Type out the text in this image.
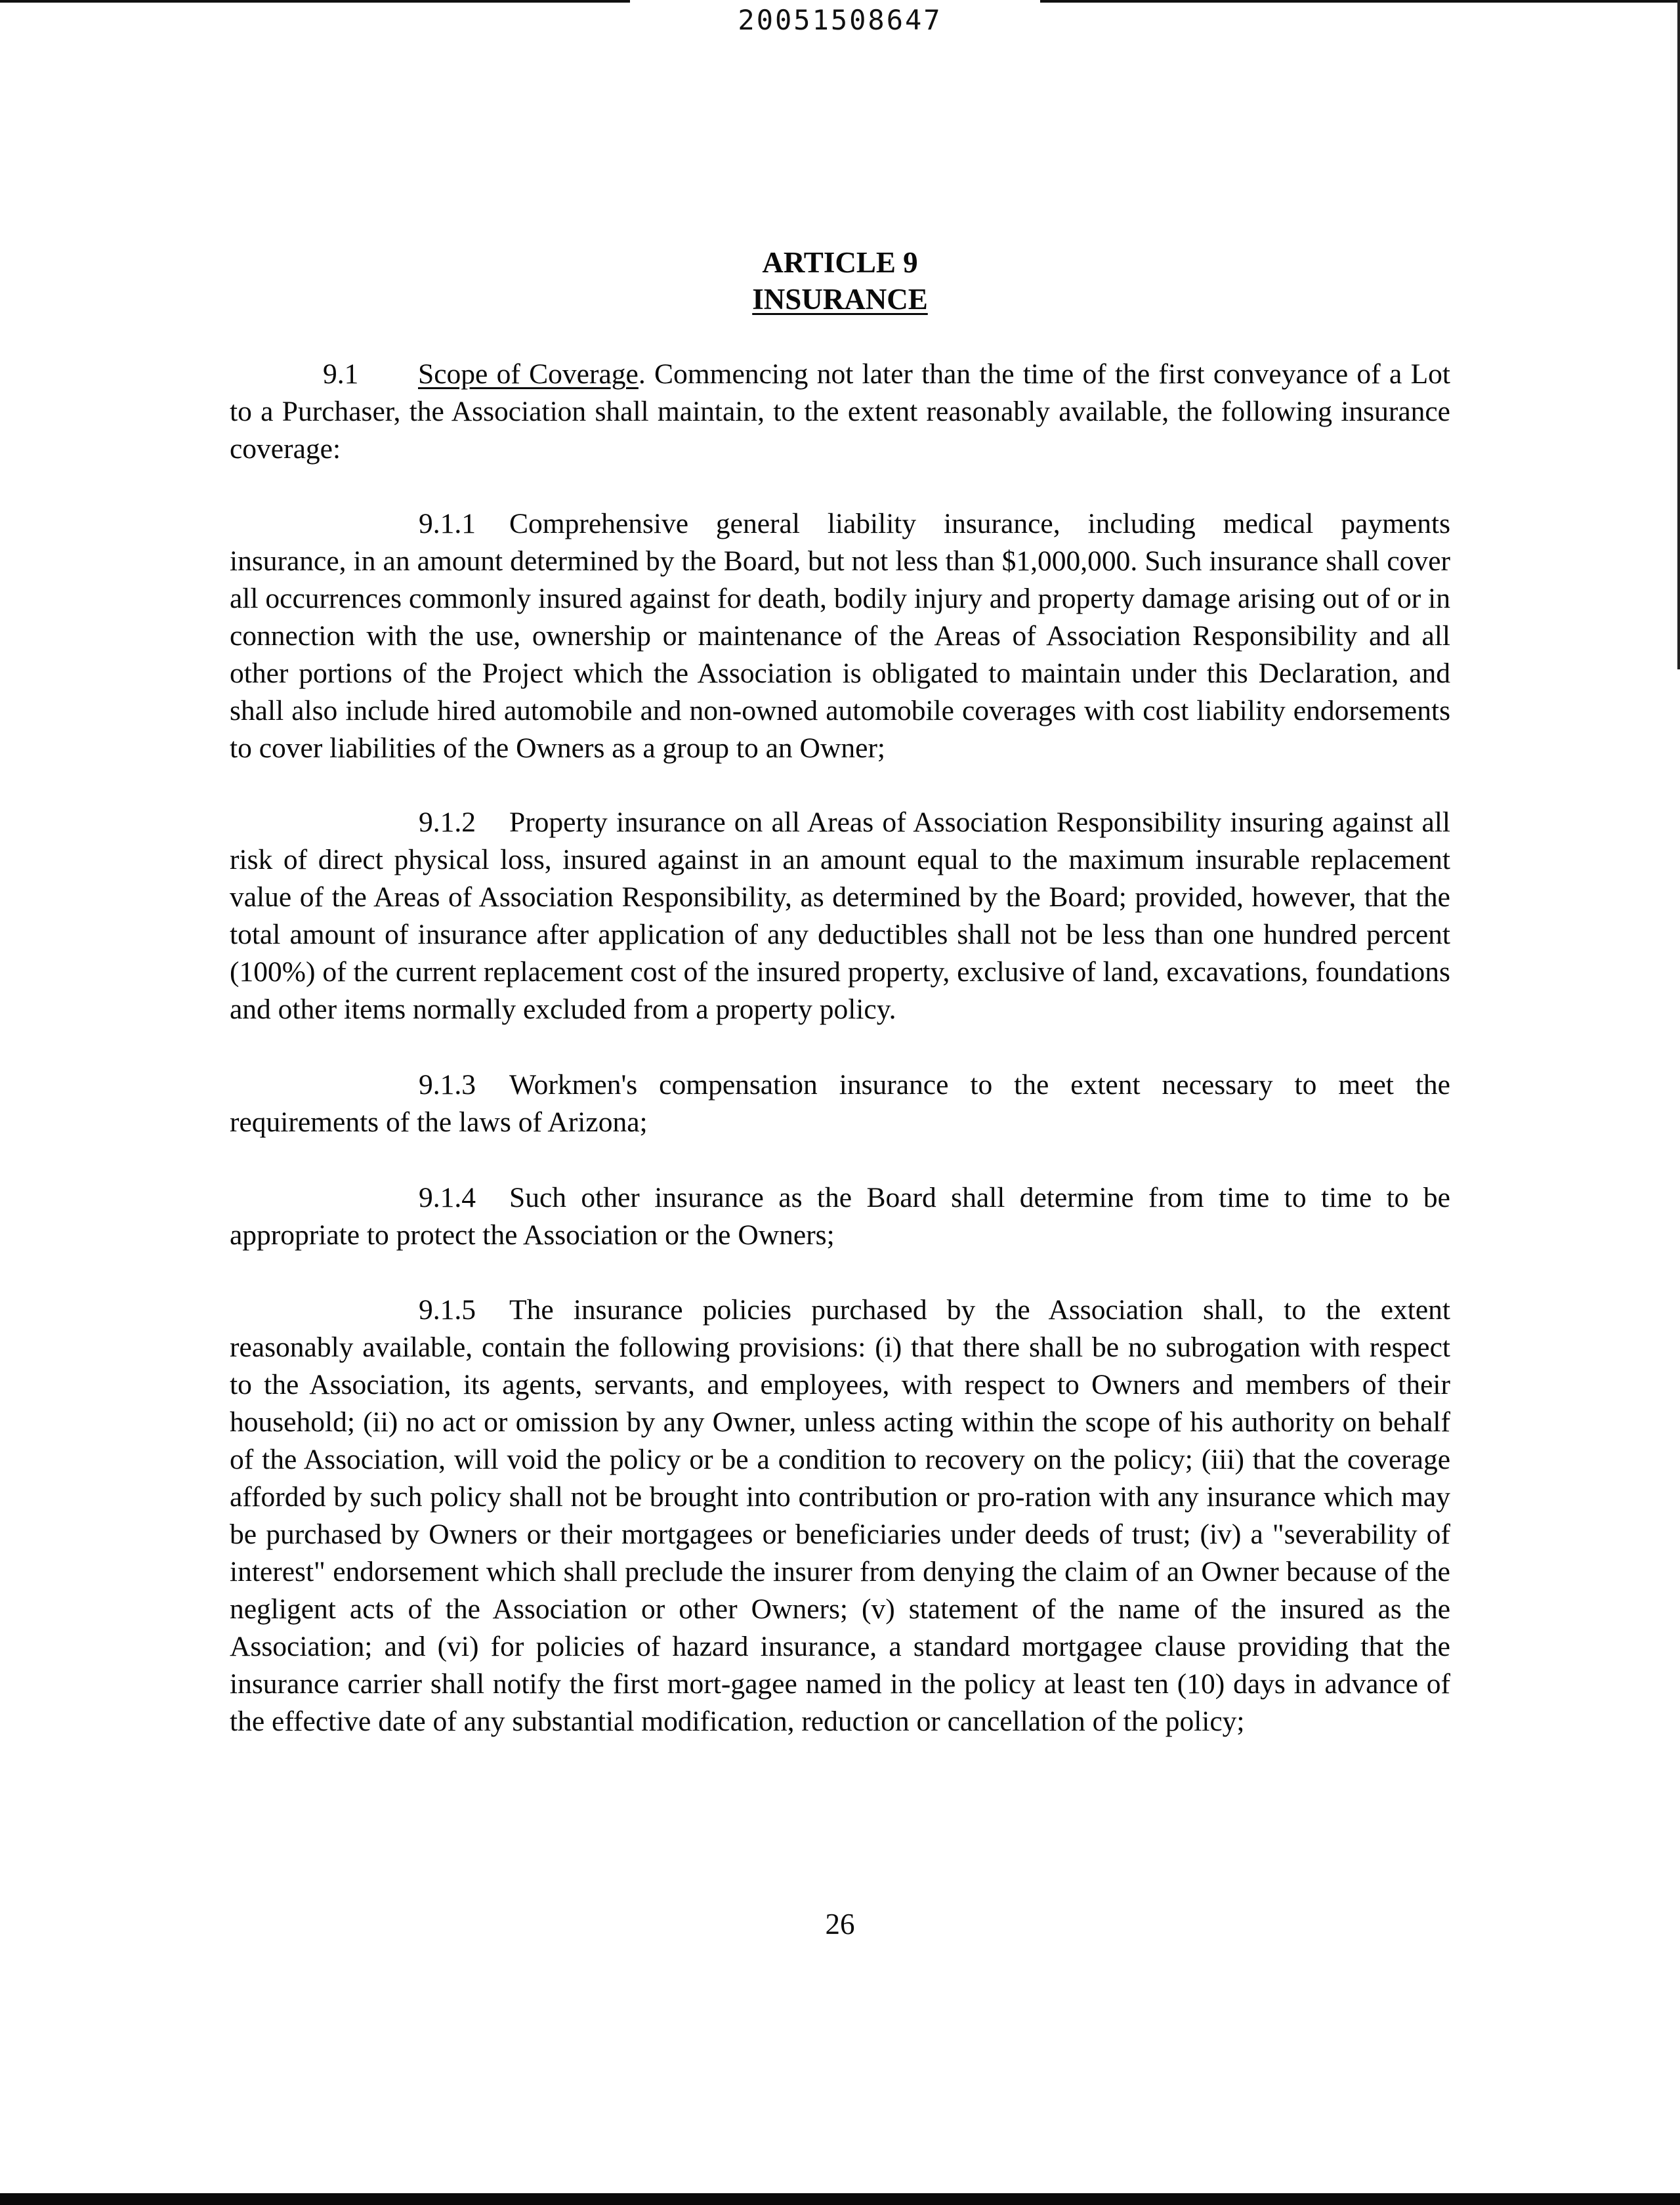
20051508647
ARTICLE 9
INSURANCE

9.1 Scope of Coverage. Commencing not later than the time of the first conveyance of a Lot to a Purchaser, the Association shall maintain, to the extent reasonably available, the following insurance coverage:

9.1.1 Comprehensive general liability insurance, including medical payments insurance, in an amount determined by the Board, but not less than $1,000,000. Such insurance shall cover all occurrences commonly insured against for death, bodily injury and property damage arising out of or in connection with the use, ownership or maintenance of the Areas of Association Responsibility and all other portions of the Project which the Association is obligated to maintain under this Declaration, and shall also include hired automobile and non-owned automobile coverages with cost liability endorsements to cover liabilities of the Owners as a group to an Owner;

9.1.2 Property insurance on all Areas of Association Responsibility insuring against all risk of direct physical loss, insured against in an amount equal to the maximum insurable replacement value of the Areas of Association Responsibility, as determined by the Board; provided, however, that the total amount of insurance after application of any deductibles shall not be less than one hundred percent (100%) of the current replacement cost of the insured property, exclusive of land, excavations, foundations and other items normally excluded from a property policy.

9.1.3 Workmen's compensation insurance to the extent necessary to meet the requirements of the laws of Arizona;

9.1.4 Such other insurance as the Board shall determine from time to time to be appropriate to protect the Association or the Owners;

9.1.5 The insurance policies purchased by the Association shall, to the extent reasonably available, contain the following provisions: (i) that there shall be no subrogation with respect to the Association, its agents, servants, and employees, with respect to Owners and members of their household; (ii) no act or omission by any Owner, unless acting within the scope of his authority on behalf of the Association, will void the policy or be a condition to recovery on the policy; (iii) that the coverage afforded by such policy shall not be brought into contribution or pro-ration with any insurance which may be purchased by Owners or their mortgagees or beneficiaries under deeds of trust; (iv) a "severability of interest" endorsement which shall preclude the insurer from denying the claim of an Owner because of the negligent acts of the Association or other Owners; (v) statement of the name of the insured as the Association; and (vi) for policies of hazard insurance, a standard mortgagee clause providing that the insurance carrier shall notify the first mort-gagee named in the policy at least ten (10) days in advance of the effective date of any substantial modification, reduction or cancellation of the policy;

26
